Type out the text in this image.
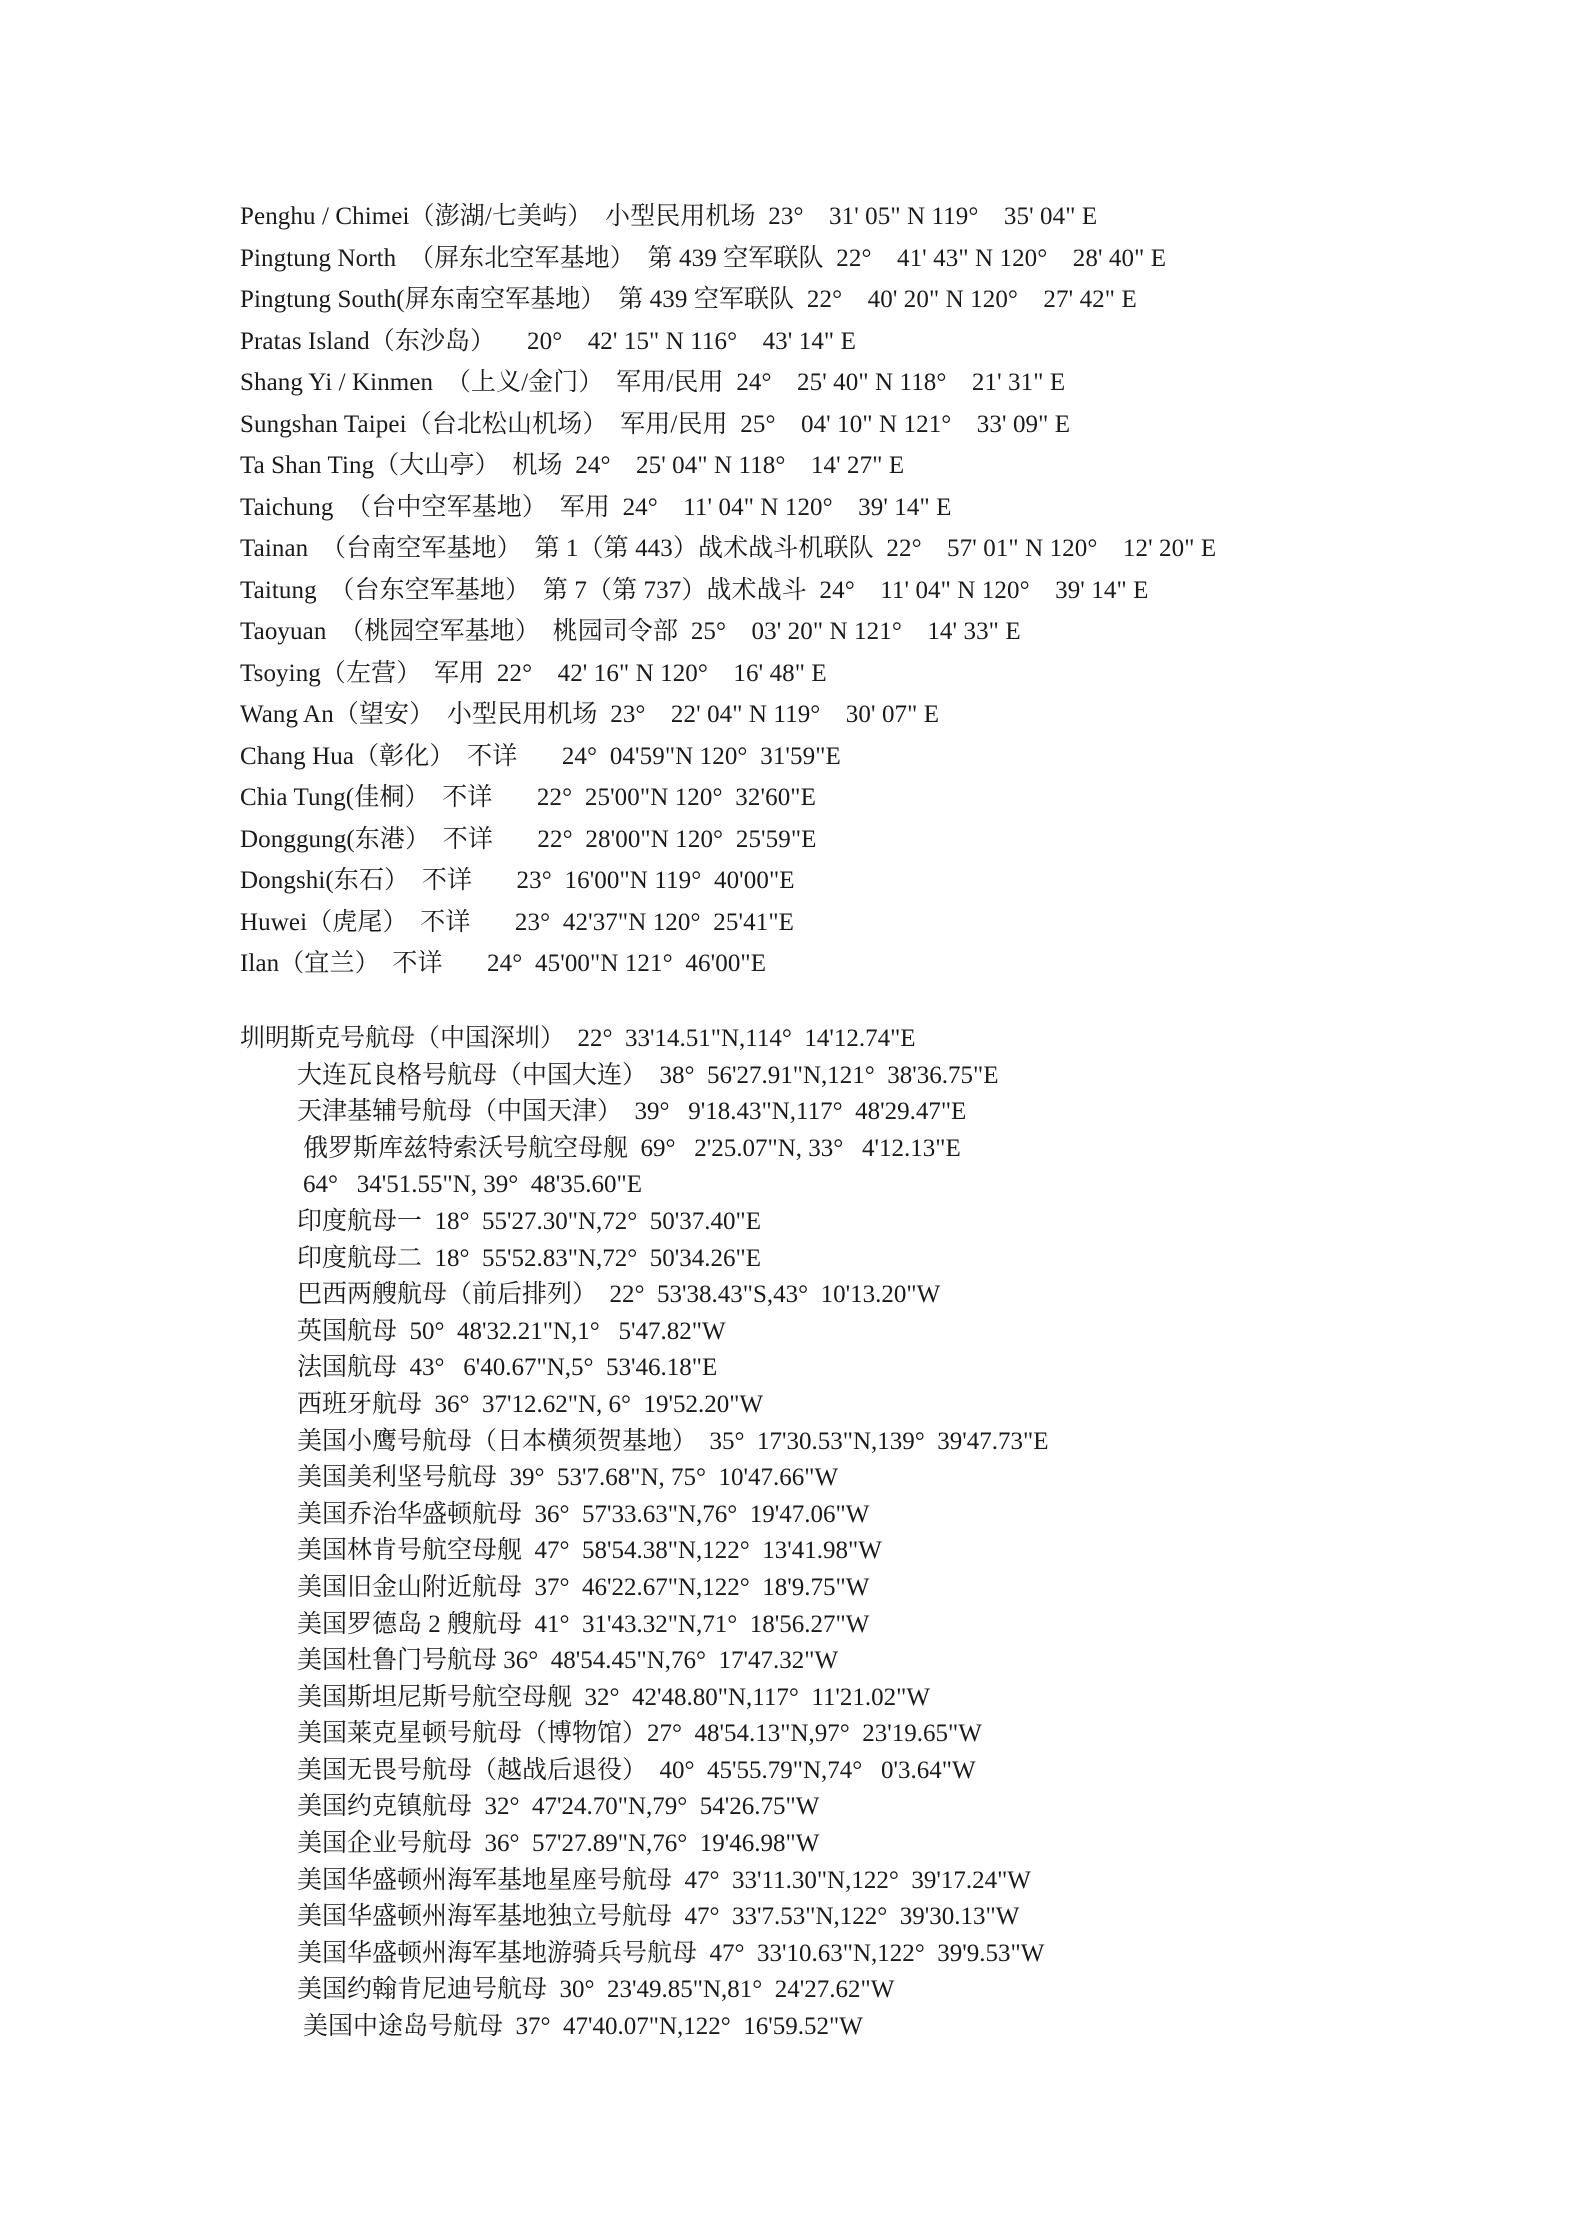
Penghu / Chimei（澎湖/七美屿）  小型民用机场  23°    31' 05" N 119°    35' 04" E
Pingtung North  （屏东北空军基地）  第 439 空军联队  22°    41' 43" N 120°    28' 40" E
Pingtung South(屏东南空军基地）  第 439 空军联队  22°    40' 20" N 120°    27' 42" E
Pratas Island（东沙岛）     20°    42' 15" N 116°    43' 14" E
Shang Yi / Kinmen  （上义/金门）  军用/民用  24°    25' 40" N 118°    21' 31" E
Sungshan Taipei（台北松山机场）  军用/民用  25°    04' 10" N 121°    33' 09" E
Ta Shan Ting（大山亭）  机场  24°    25' 04" N 118°    14' 27" E
Taichung  （台中空军基地）  军用  24°    11' 04" N 120°    39' 14" E
Tainan  （台南空军基地）  第 1（第 443）战术战斗机联队  22°    57' 01" N 120°    12' 20" E
Taitung  （台东空军基地）  第 7（第 737）战术战斗  24°    11' 04" N 120°    39' 14" E
Taoyuan  （桃园空军基地）  桃园司令部  25°    03' 20" N 121°    14' 33" E
Tsoying（左营）  军用  22°    42' 16" N 120°    16' 48" E
Wang An（望安）  小型民用机场  23°    22' 04" N 119°    30' 07" E
Chang Hua（彰化）  不详       24°  04'59"N 120°  31'59"E
Chia Tung(佳桐）  不详       22°  25'00"N 120°  32'60"E
Donggung(东港）  不详       22°  28'00"N 120°  25'59"E
Dongshi(东石）  不详       23°  16'00"N 119°  40'00"E
Huwei（虎尾）  不详       23°  42'37"N 120°  25'41"E
Ilan（宜兰）  不详       24°  45'00"N 121°  46'00"E
圳明斯克号航母（中国深圳）  22°  33'14.51"N,114°  14'12.74"E
大连瓦良格号航母（中国大连）  38°  56'27.91"N,121°  38'36.75"E
天津基辅号航母（中国天津）  39°   9'18.43"N,117°  48'29.47"E
俄罗斯库兹特索沃号航空母舰  69°   2'25.07"N, 33°   4'12.13"E
64°   34'51.55"N, 39°  48'35.60"E
印度航母一  18°  55'27.30"N,72°  50'37.40"E
印度航母二  18°  55'52.83"N,72°  50'34.26"E
巴西两艘航母（前后排列）  22°  53'38.43"S,43°  10'13.20"W
英国航母  50°  48'32.21"N,1°   5'47.82"W
法国航母  43°   6'40.67"N,5°  53'46.18"E
西班牙航母  36°  37'12.62"N, 6°  19'52.20"W
美国小鹰号航母（日本横须贺基地）  35°  17'30.53"N,139°  39'47.73"E
美国美利坚号航母  39°  53'7.68"N, 75°  10'47.66"W
美国乔治华盛顿航母  36°  57'33.63"N,76°  19'47.06"W
美国林肯号航空母舰  47°  58'54.38"N,122°  13'41.98"W
美国旧金山附近航母  37°  46'22.67"N,122°  18'9.75"W
美国罗德岛 2 艘航母  41°  31'43.32"N,71°  18'56.27"W
美国杜鲁门号航母 36°  48'54.45"N,76°  17'47.32"W
美国斯坦尼斯号航空母舰  32°  42'48.80"N,117°  11'21.02"W
美国莱克星顿号航母（博物馆）27°  48'54.13"N,97°  23'19.65"W
美国无畏号航母（越战后退役）  40°  45'55.79"N,74°   0'3.64"W
美国约克镇航母  32°  47'24.70"N,79°  54'26.75"W
美国企业号航母  36°  57'27.89"N,76°  19'46.98"W
美国华盛顿州海军基地星座号航母  47°  33'11.30"N,122°  39'17.24"W
美国华盛顿州海军基地独立号航母  47°  33'7.53"N,122°  39'30.13"W
美国华盛顿州海军基地游骑兵号航母  47°  33'10.63"N,122°  39'9.53"W
美国约翰肯尼迪号航母  30°  23'49.85"N,81°  24'27.62"W
美国中途岛号航母  37°  47'40.07"N,122°  16'59.52"W
